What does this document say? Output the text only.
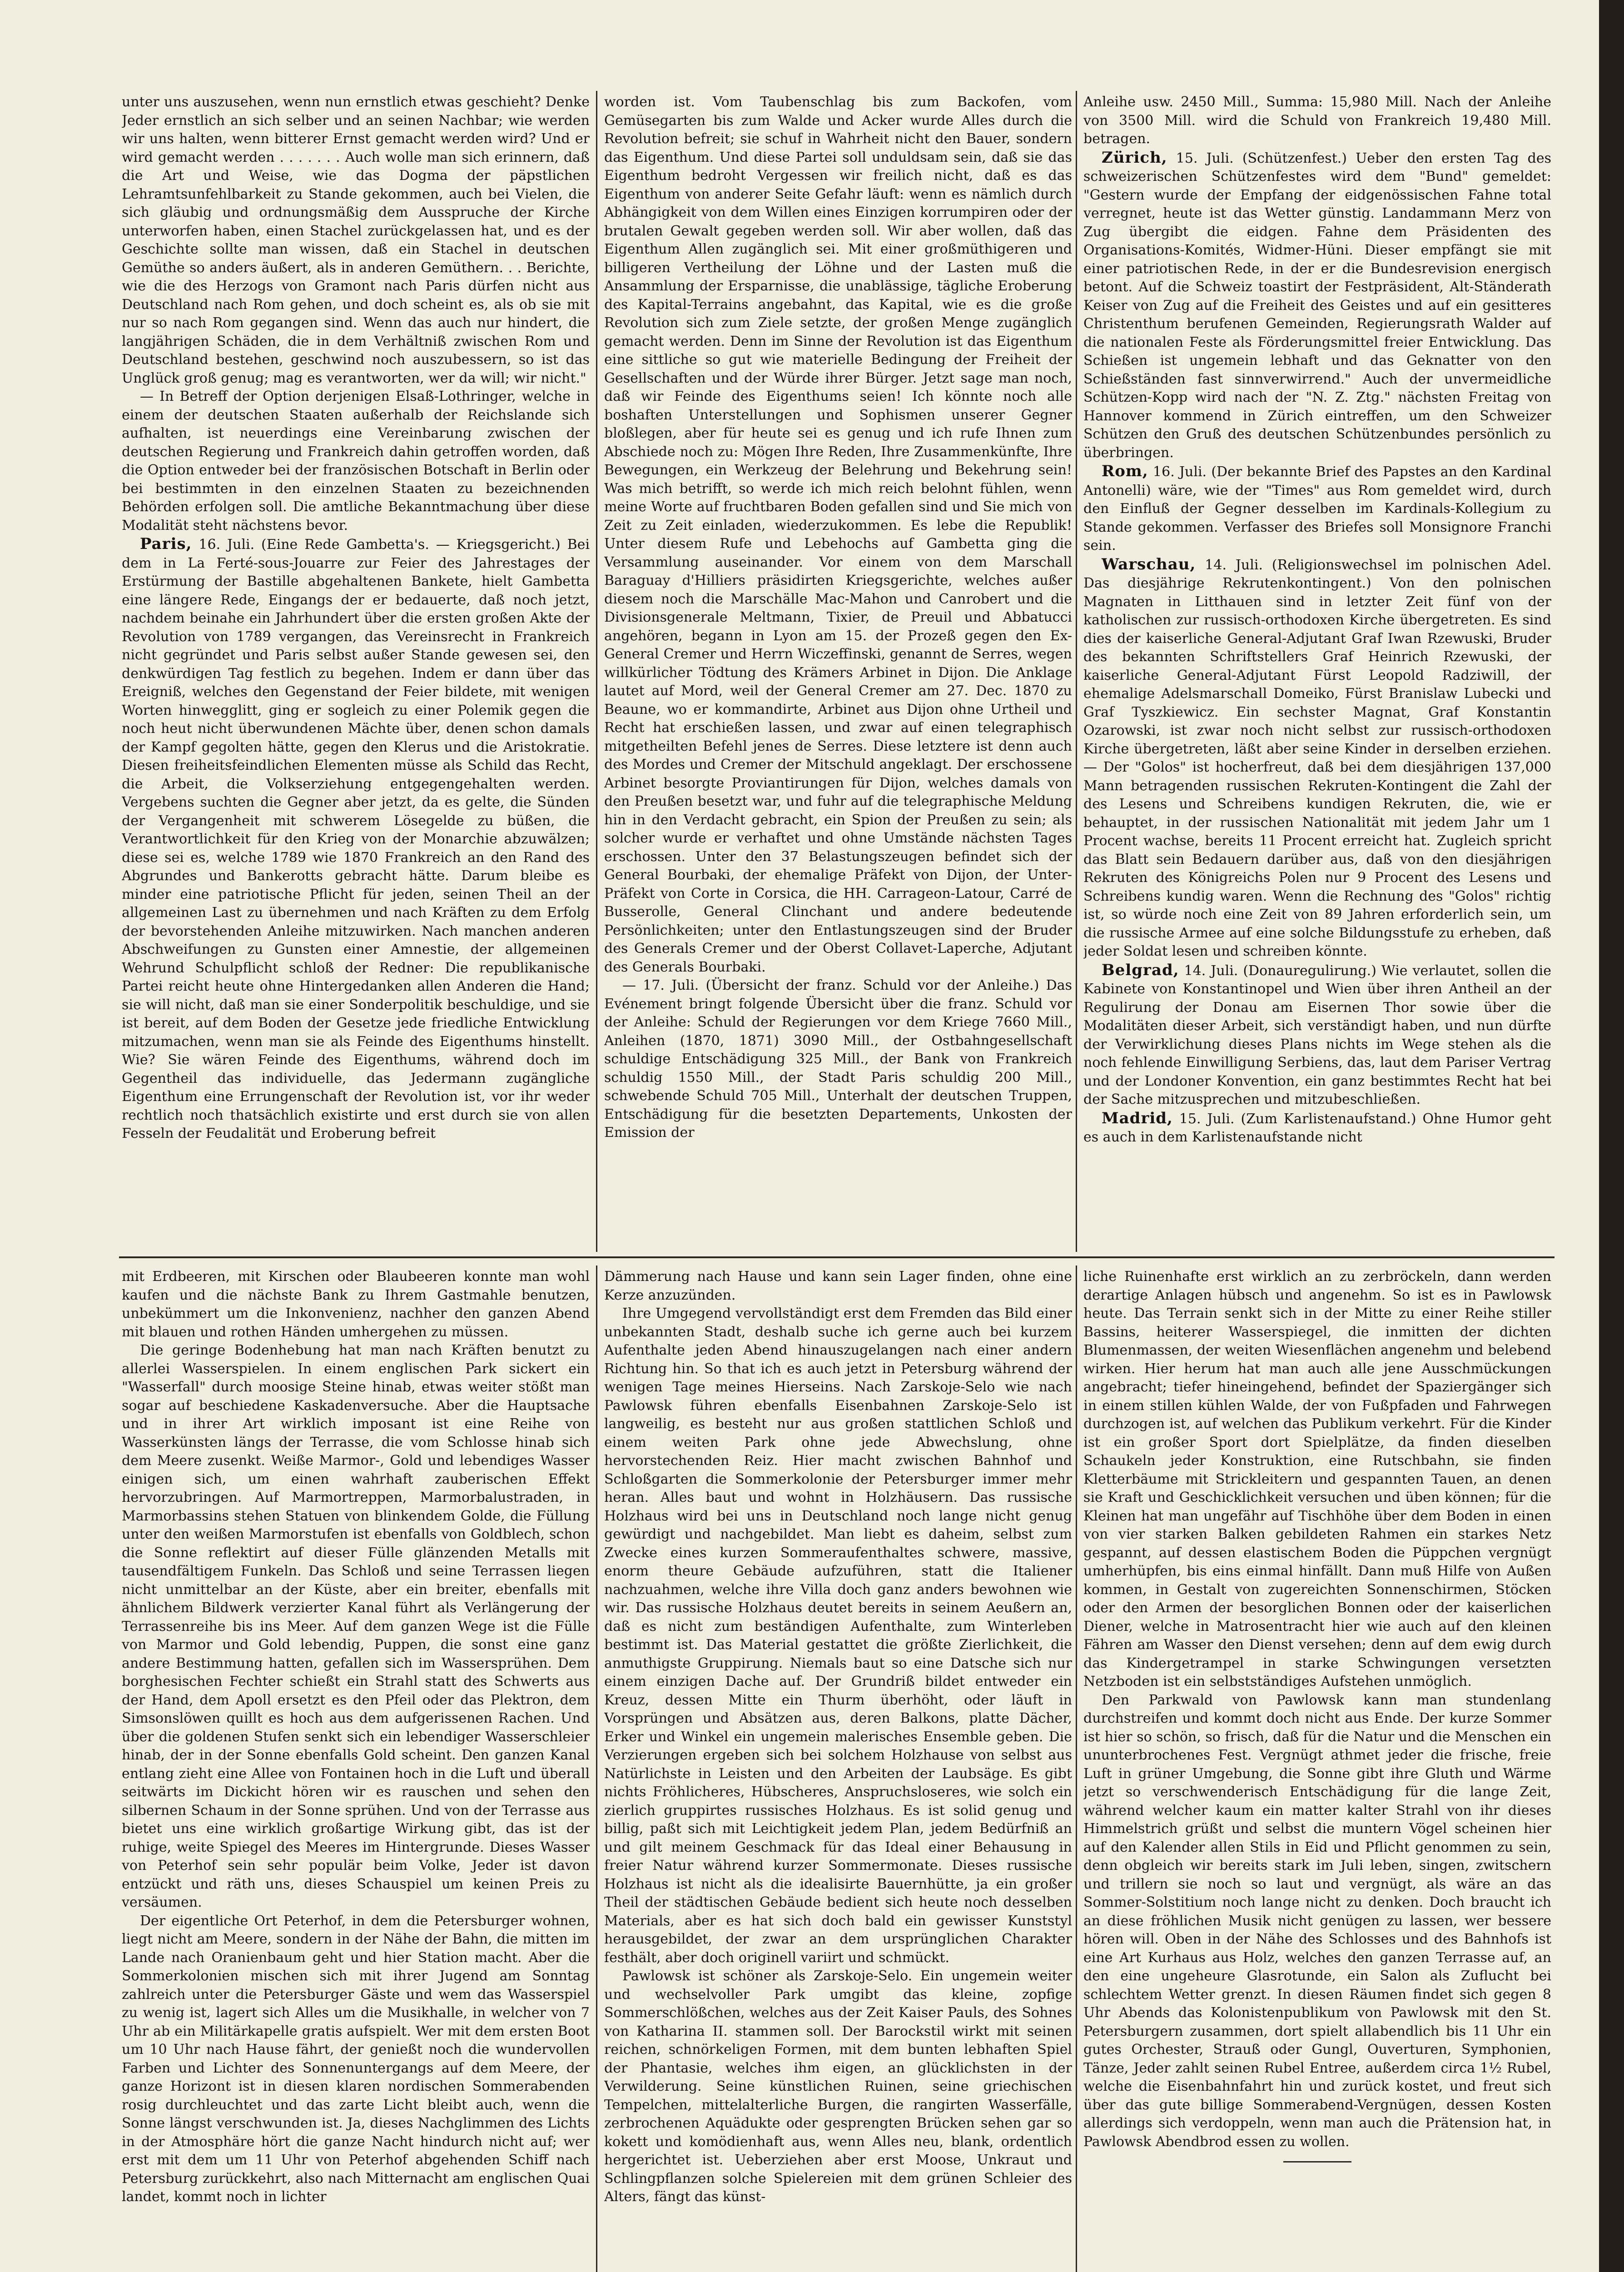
unter uns auszusehen, wenn nun ernstlich etwas geschieht? Denke Jeder ernstlich an sich selber und an seinen Nachbar; wie werden wir uns halten, wenn bitterer Ernst gemacht werden wird? Und er wird gemacht werden . . . . . . . Auch wolle man sich erinnern, daß die Art und Weise, wie das Dogma der päpstlichen Lehramtsunfehlbarkeit zu Stande gekommen, auch bei Vielen, die sich gläubig und ordnungsmäßig dem Ausspruche der Kirche unterworfen haben, einen Stachel zurückgelassen hat, und es der Geschichte sollte man wissen, daß ein Stachel in deutschen Gemüthe so anders äußert, als in anderen Gemüthern. . . Berichte, wie die des Herzogs von Gramont nach Paris dürfen nicht aus Deutschland nach Rom gehen, und doch scheint es, als ob sie mit nur so nach Rom gegangen sind. Wenn das auch nur hindert, die langjährigen Schäden, die in dem Verhältniß zwischen Rom und Deutschland bestehen, geschwind noch auszubessern, so ist das Unglück groß genug; mag es verantworten, wer da will; wir nicht."

— In Betreff der Option derjenigen Elsaß-Lothringer, welche in einem der deutschen Staaten außerhalb der Reichslande sich aufhalten, ist neuerdings eine Vereinbarung zwischen der deutschen Regierung und Frankreich dahin getroffen worden, daß die Option entweder bei der französischen Botschaft in Berlin oder bei bestimmten in den einzelnen Staaten zu bezeichnenden Behörden erfolgen soll. Die amtliche Bekanntmachung über diese Modalität steht nächstens bevor.

Paris, 16. Juli. (Eine Rede Gambetta's. — Kriegsgericht.) Bei dem in La Ferté-sous-Jouarre zur Feier des Jahrestages der Erstürmung der Bastille abgehaltenen Bankete, hielt Gambetta eine längere Rede, Eingangs der er bedauerte, daß noch jetzt, nachdem beinahe ein Jahrhundert über die ersten großen Akte der Revolution von 1789 vergangen, das Vereinsrecht in Frankreich nicht gegründet und Paris selbst außer Stande gewesen sei, den denkwürdigen Tag festlich zu begehen. Indem er dann über das Ereigniß, welches den Gegenstand der Feier bildete, mit wenigen Worten hinwegglitt, ging er sogleich zu einer Polemik gegen die noch heut nicht überwundenen Mächte über, denen schon damals der Kampf gegolten hätte, gegen den Klerus und die Aristokratie. Diesen freiheitsfeindlichen Elementen müsse als Schild das Recht, die Arbeit, die Volkserziehung entgegengehalten werden. Vergebens suchten die Gegner aber jetzt, da es gelte, die Sünden der Vergangenheit mit schwerem Lösegelde zu büßen, die Verantwortlichkeit für den Krieg von der Monarchie abzuwälzen; diese sei es, welche 1789 wie 1870 Frankreich an den Rand des Abgrundes und Bankerotts gebracht hätte. Darum bleibe es minder eine patriotische Pflicht für jeden, seinen Theil an der allgemeinen Last zu übernehmen und nach Kräften zu dem Erfolg der bevorstehenden Anleihe mitzuwirken. Nach manchen anderen Abschweifungen zu Gunsten einer Amnestie, der allgemeinen Wehrund Schulpflicht schloß der Redner: Die republikanische Partei reicht heute ohne Hintergedanken allen Anderen die Hand; sie will nicht, daß man sie einer Sonderpolitik beschuldige, und sie ist bereit, auf dem Boden der Gesetze jede friedliche Entwicklung mitzumachen, wenn man sie als Feinde des Eigenthums hinstellt. Wie? Sie wären Feinde des Eigenthums, während doch im Gegentheil das individuelle, das Jedermann zugängliche Eigenthum eine Errungenschaft der Revolution ist, vor ihr weder rechtlich noch thatsächlich existirte und erst durch sie von allen Fesseln der Feudalität und Eroberung befreit

worden ist. Vom Taubenschlag bis zum Backofen, vom Gemüsegarten bis zum Walde und Acker wurde Alles durch die Revolution befreit; sie schuf in Wahrheit nicht den Bauer, sondern das Eigenthum. Und diese Partei soll unduldsam sein, daß sie das Eigenthum bedroht Vergessen wir freilich nicht, daß es das Eigenthum von anderer Seite Gefahr läuft: wenn es nämlich durch Abhängigkeit von dem Willen eines Einzigen korrumpiren oder der brutalen Gewalt gegeben werden soll. Wir aber wollen, daß das Eigenthum Allen zugänglich sei. Mit einer großmüthigeren und billigeren Vertheilung der Löhne und der Lasten muß die Ansammlung der Ersparnisse, die unablässige, tägliche Eroberung des Kapital-Terrains angebahnt, das Kapital, wie es die große Revolution sich zum Ziele setzte, der großen Menge zugänglich gemacht werden. Denn im Sinne der Revolution ist das Eigenthum eine sittliche so gut wie materielle Bedingung der Freiheit der Gesellschaften und der Würde ihrer Bürger. Jetzt sage man noch, daß wir Feinde des Eigenthums seien! Ich könnte noch alle boshaften Unterstellungen und Sophismen unserer Gegner bloßlegen, aber für heute sei es genug und ich rufe Ihnen zum Abschiede noch zu: Mögen Ihre Reden, Ihre Zusammenkünfte, Ihre Bewegungen, ein Werkzeug der Belehrung und Bekehrung sein! Was mich betrifft, so werde ich mich reich belohnt fühlen, wenn meine Worte auf fruchtbaren Boden gefallen sind und Sie mich von Zeit zu Zeit einladen, wiederzukommen. Es lebe die Republik! Unter diesem Rufe und Lebehochs auf Gambetta ging die Versammlung auseinander. Vor einem von dem Marschall Baraguay d'Hilliers präsidirten Kriegsgerichte, welches außer diesem noch die Marschälle Mac-Mahon und Canrobert und die Divisionsgenerale Meltmann, Tixier, de Preuil und Abbatucci angehören, begann in Lyon am 15. der Prozeß gegen den Ex-General Cremer und Herrn Wiczeffinski, genannt de Serres, wegen willkürlicher Tödtung des Krämers Arbinet in Dijon. Die Anklage lautet auf Mord, weil der General Cremer am 27. Dec. 1870 zu Beaune, wo er kommandirte, Arbinet aus Dijon ohne Urtheil und Recht hat erschießen lassen, und zwar auf einen telegraphisch mitgetheilten Befehl jenes de Serres. Diese letztere ist denn auch des Mordes und Cremer der Mitschuld angeklagt. Der erschossene Arbinet besorgte Proviantirungen für Dijon, welches damals von den Preußen besetzt war, und fuhr auf die telegraphische Meldung hin in den Verdacht gebracht, ein Spion der Preußen zu sein; als solcher wurde er verhaftet und ohne Umstände nächsten Tages erschossen. Unter den 37 Belastungszeugen befindet sich der General Bourbaki, der ehemalige Präfekt von Dijon, der Unter-Präfekt von Corte in Corsica, die HH. Carrageon-Latour, Carré de Busserolle, General Clinchant und andere bedeutende Persönlichkeiten; unter den Entlastungszeugen sind der Bruder des Generals Cremer und der Oberst Collavet-Laperche, Adjutant des Generals Bourbaki.

— 17. Juli. (Übersicht der franz. Schuld vor der Anleihe.) Das Evénement bringt folgende Übersicht über die franz. Schuld vor der Anleihe: Schuld der Regierungen vor dem Kriege 7660 Mill., Anleihen (1870, 1871) 3090 Mill., der Ostbahngesellschaft schuldige Entschädigung 325 Mill., der Bank von Frankreich schuldig 1550 Mill., der Stadt Paris schuldig 200 Mill., schwebende Schuld 705 Mill., Unterhalt der deutschen Truppen, Entschädigung für die besetzten Departements, Unkosten der Emission der

Anleihe usw. 2450 Mill., Summa: 15,980 Mill. Nach der Anleihe von 3500 Mill. wird die Schuld von Frankreich 19,480 Mill. betragen.

Zürich, 15. Juli. (Schützenfest.) Ueber den ersten Tag des schweizerischen Schützenfestes wird dem "Bund" gemeldet: "Gestern wurde der Empfang der eidgenössischen Fahne total verregnet, heute ist das Wetter günstig. Landammann Merz von Zug übergibt die eidgen. Fahne dem Präsidenten des Organisations-Komités, Widmer-Hüni. Dieser empfängt sie mit einer patriotischen Rede, in der er die Bundesrevision energisch betont. Auf die Schweiz toastirt der Festpräsident, Alt-Ständerath Keiser von Zug auf die Freiheit des Geistes und auf ein gesitteres Christenthum berufenen Gemeinden, Regierungsrath Walder auf die nationalen Feste als Förderungsmittel freier Entwicklung. Das Schießen ist ungemein lebhaft und das Geknatter von den Schießständen fast sinnverwirrend." Auch der unvermeidliche Schützen-Kopp wird nach der "N. Z. Ztg." nächsten Freitag von Hannover kommend in Zürich eintreffen, um den Schweizer Schützen den Gruß des deutschen Schützenbundes persönlich zu überbringen.

Rom, 16. Juli. (Der bekannte Brief des Papstes an den Kardinal Antonelli) wäre, wie der "Times" aus Rom gemeldet wird, durch den Einfluß der Gegner desselben im Kardinals-Kollegium zu Stande gekommen. Verfasser des Briefes soll Monsignore Franchi sein.

Warschau, 14. Juli. (Religionswechsel im polnischen Adel. Das diesjährige Rekrutenkontingent.) Von den polnischen Magnaten in Litthauen sind in letzter Zeit fünf von der katholischen zur russisch-orthodoxen Kirche übergetreten. Es sind dies der kaiserliche General-Adjutant Graf Iwan Rzewuski, Bruder des bekannten Schriftstellers Graf Heinrich Rzewuski, der kaiserliche General-Adjutant Fürst Leopold Radziwill, der ehemalige Adelsmarschall Domeiko, Fürst Branislaw Lubecki und Graf Tyszkiewicz. Ein sechster Magnat, Graf Konstantin Ozarowski, ist zwar noch nicht selbst zur russisch-orthodoxen Kirche übergetreten, läßt aber seine Kinder in derselben erziehen. — Der "Golos" ist hocherfreut, daß bei dem diesjährigen 137,000 Mann betragenden russischen Rekruten-Kontingent die Zahl der des Lesens und Schreibens kundigen Rekruten, die, wie er behauptet, in der russischen Nationalität mit jedem Jahr um 1 Procent wachse, bereits 11 Procent erreicht hat. Zugleich spricht das Blatt sein Bedauern darüber aus, daß von den diesjährigen Rekruten des Königreichs Polen nur 9 Procent des Lesens und Schreibens kundig waren. Wenn die Rechnung des "Golos" richtig ist, so würde noch eine Zeit von 89 Jahren erforderlich sein, um die russische Armee auf eine solche Bildungsstufe zu erheben, daß jeder Soldat lesen und schreiben könnte.

Belgrad, 14. Juli. (Donauregulirung.) Wie verlautet, sollen die Kabinete von Konstantinopel und Wien über ihren Antheil an der Regulirung der Donau am Eisernen Thor sowie über die Modalitäten dieser Arbeit, sich verständigt haben, und nun dürfte der Verwirklichung dieses Plans nichts im Wege stehen als die noch fehlende Einwilligung Serbiens, das, laut dem Pariser Vertrag und der Londoner Konvention, ein ganz bestimmtes Recht hat bei der Sache mitzusprechen und mitzubeschließen.

Madrid, 15. Juli. (Zum Karlistenaufstand.) Ohne Humor geht es auch in dem Karlistenaufstande nicht

mit Erdbeeren, mit Kirschen oder Blaubeeren konnte man wohl kaufen und die nächste Bank zu Ihrem Gastmahle benutzen, unbekümmert um die Inkonvenienz, nachher den ganzen Abend mit blauen und rothen Händen umhergehen zu müssen.

Die geringe Bodenhebung hat man nach Kräften benutzt zu allerlei Wasserspielen. In einem englischen Park sickert ein "Wasserfall" durch moosige Steine hinab, etwas weiter stößt man sogar auf beschiedene Kaskadenversuche. Aber die Hauptsache und in ihrer Art wirklich imposant ist eine Reihe von Wasserkünsten längs der Terrasse, die vom Schlosse hinab sich dem Meere zusenkt. Weiße Marmor-, Gold und lebendiges Wasser einigen sich, um einen wahrhaft zauberischen Effekt hervorzubringen. Auf Marmortreppen, Marmorbalustraden, in Marmorbassins stehen Statuen von blinkendem Golde, die Füllung unter den weißen Marmorstufen ist ebenfalls von Goldblech, schon die Sonne reflektirt auf dieser Fülle glänzenden Metalls mit tausendfältigem Funkeln. Das Schloß und seine Terrassen liegen nicht unmittelbar an der Küste, aber ein breiter, ebenfalls mit ähnlichem Bildwerk verzierter Kanal führt als Verlängerung der Terrassenreihe bis ins Meer. Auf dem ganzen Wege ist die Fülle von Marmor und Gold lebendig, Puppen, die sonst eine ganz andere Bestimmung hatten, gefallen sich im Wassersprühen. Dem borghesischen Fechter schießt ein Strahl statt des Schwerts aus der Hand, dem Apoll ersetzt es den Pfeil oder das Plektron, dem Simsonslöwen quillt es hoch aus dem aufgerissenen Rachen. Und über die goldenen Stufen senkt sich ein lebendiger Wasserschleier hinab, der in der Sonne ebenfalls Gold scheint. Den ganzen Kanal entlang zieht eine Allee von Fontainen hoch in die Luft und überall seitwärts im Dickicht hören wir es rauschen und sehen den silbernen Schaum in der Sonne sprühen. Und von der Terrasse aus bietet uns eine wirklich großartige Wirkung gibt, das ist der ruhige, weite Spiegel des Meeres im Hintergrunde. Dieses Wasser von Peterhof sein sehr populär beim Volke, Jeder ist davon entzückt und räth uns, dieses Schauspiel um keinen Preis zu versäumen.

Der eigentliche Ort Peterhof, in dem die Petersburger wohnen, liegt nicht am Meere, sondern in der Nähe der Bahn, die mitten im Lande nach Oranienbaum geht und hier Station macht. Aber die Sommerkolonien mischen sich mit ihrer Jugend am Sonntag zahlreich unter die Petersburger Gäste und wem das Wasserspiel zu wenig ist, lagert sich Alles um die Musikhalle, in welcher von 7 Uhr ab ein Militärkapelle gratis aufspielt. Wer mit dem ersten Boot um 10 Uhr nach Hause fährt, der genießt noch die wundervollen Farben und Lichter des Sonnenuntergangs auf dem Meere, der ganze Horizont ist in diesen klaren nordischen Sommerabenden rosig durchleuchtet und das zarte Licht bleibt auch, wenn die Sonne längst verschwunden ist. Ja, dieses Nachglimmen des Lichts in der Atmosphäre hört die ganze Nacht hindurch nicht auf; wer erst mit dem um 11 Uhr von Peterhof abgehenden Schiff nach Petersburg zurückkehrt, also nach Mitternacht am englischen Quai landet, kommt noch in lichter

Dämmerung nach Hause und kann sein Lager finden, ohne eine Kerze anzuzünden.

Ihre Umgegend vervollständigt erst dem Fremden das Bild einer unbekannten Stadt, deshalb suche ich gerne auch bei kurzem Aufenthalte jeden Abend hinauszugelangen nach einer andern Richtung hin. So that ich es auch jetzt in Petersburg während der wenigen Tage meines Hierseins. Nach Zarskoje-Selo wie nach Pawlowsk führen ebenfalls Eisenbahnen Zarskoje-Selo ist langweilig, es besteht nur aus großen stattlichen Schloß und einem weiten Park ohne jede Abwechslung, ohne hervorstechenden Reiz. Hier macht zwischen Bahnhof und Schloßgarten die Sommerkolonie der Petersburger immer mehr heran. Alles baut und wohnt in Holzhäusern. Das russische Holzhaus wird bei uns in Deutschland noch lange nicht genug gewürdigt und nachgebildet. Man liebt es daheim, selbst zum Zwecke eines kurzen Sommeraufenthaltes schwere, massive, enorm theure Gebäude aufzuführen, statt die Italiener nachzuahmen, welche ihre Villa doch ganz anders bewohnen wie wir. Das russische Holzhaus deutet bereits in seinem Aeußern an, daß es nicht zum beständigen Aufenthalte, zum Winterleben bestimmt ist. Das Material gestattet die größte Zierlichkeit, die anmuthigste Gruppirung. Niemals baut so eine Datsche sich nur einem einzigen Dache auf. Der Grundriß bildet entweder ein Kreuz, dessen Mitte ein Thurm überhöht, oder läuft in Vorsprüngen und Absätzen aus, deren Balkons, platte Dächer, Erker und Winkel ein ungemein malerisches Ensemble geben. Die Verzierungen ergeben sich bei solchem Holzhause von selbst aus Natürlichste in Leisten und den Arbeiten der Laubsäge. Es gibt nichts Fröhlicheres, Hübscheres, Anspruchsloseres, wie solch ein zierlich gruppirtes russisches Holzhaus. Es ist solid genug und billig, paßt sich mit Leichtigkeit jedem Plan, jedem Bedürfniß an und gilt meinem Geschmack für das Ideal einer Behausung in freier Natur während kurzer Sommermonate. Dieses russische Holzhaus ist nicht als die idealisirte Bauernhütte, ja ein großer Theil der städtischen Gebäude bedient sich heute noch desselben Materials, aber es hat sich doch bald ein gewisser Kunststyl herausgebildet, der zwar an dem ursprünglichen Charakter festhält, aber doch originell variirt und schmückt.

Pawlowsk ist schöner als Zarskoje-Selo. Ein ungemein weiter und wechselvoller Park umgibt das kleine, zopfige Sommerschlößchen, welches aus der Zeit Kaiser Pauls, des Sohnes von Katharina II. stammen soll. Der Barockstil wirkt mit seinen reichen, schnörkeligen Formen, mit dem bunten lebhaften Spiel der Phantasie, welches ihm eigen, an glücklichsten in der Verwilderung. Seine künstlichen Ruinen, seine griechischen Tempelchen, mittelalterliche Burgen, die rangirten Wasserfälle, zerbrochenen Aquädukte oder gesprengten Brücken sehen gar so kokett und komödienhaft aus, wenn Alles neu, blank, ordentlich hergerichtet ist. Ueberziehen aber erst Moose, Unkraut und Schlingpflanzen solche Spielereien mit dem grünen Schleier des Alters, fängt das künst-

liche Ruinenhafte erst wirklich an zu zerbröckeln, dann werden derartige Anlagen hübsch und angenehm. So ist es in Pawlowsk heute. Das Terrain senkt sich in der Mitte zu einer Reihe stiller Bassins, heiterer Wasserspiegel, die inmitten der dichten Blumenmassen, der weiten Wiesenflächen angenehm und belebend wirken. Hier herum hat man auch alle jene Ausschmückungen angebracht; tiefer hineingehend, befindet der Spaziergänger sich in einem stillen kühlen Walde, der von Fußpfaden und Fahrwegen durchzogen ist, auf welchen das Publikum verkehrt. Für die Kinder ist ein großer Sport dort Spielplätze, da finden dieselben Schaukeln jeder Konstruktion, eine Rutschbahn, sie finden Kletterbäume mit Strickleitern und gespannten Tauen, an denen sie Kraft und Geschicklichkeit versuchen und üben können; für die Kleinen hat man ungefähr auf Tischhöhe über dem Boden in einen von vier starken Balken gebildeten Rahmen ein starkes Netz gespannt, auf dessen elastischem Boden die Püppchen vergnügt umherhüpfen, bis eins einmal hinfällt. Dann muß Hilfe von Außen kommen, in Gestalt von zugereichten Sonnenschirmen, Stöcken oder den Armen der besorglichen Bonnen oder der kaiserlichen Diener, welche in Matrosentracht hier wie auch auf den kleinen Fähren am Wasser den Dienst versehen; denn auf dem ewig durch das Kindergetrampel in starke Schwingungen versetzten Netzboden ist ein selbstständiges Aufstehen unmöglich.

Den Parkwald von Pawlowsk kann man stundenlang durchstreifen und kommt doch nicht aus Ende. Der kurze Sommer ist hier so schön, so frisch, daß für die Natur und die Menschen ein ununterbrochenes Fest. Vergnügt athmet jeder die frische, freie Luft in grüner Umgebung, die Sonne gibt ihre Gluth und Wärme jetzt so verschwenderisch Entschädigung für die lange Zeit, während welcher kaum ein matter kalter Strahl von ihr dieses Himmelstrich grüßt und selbst die muntern Vögel scheinen hier auf den Kalender allen Stils in Eid und Pflicht genommen zu sein, denn obgleich wir bereits stark im Juli leben, singen, zwitschern und trillern sie noch so laut und vergnügt, als wäre an das Sommer-Solstitium noch lange nicht zu denken. Doch braucht ich an diese fröhlichen Musik nicht genügen zu lassen, wer bessere hören will. Oben in der Nähe des Schlosses und des Bahnhofs ist eine Art Kurhaus aus Holz, welches den ganzen Terrasse auf, an den eine ungeheure Glasrotunde, ein Salon als Zuflucht bei schlechtem Wetter grenzt. In diesen Räumen findet sich gegen 8 Uhr Abends das Kolonistenpublikum von Pawlowsk mit den St. Petersburgern zusammen, dort spielt allabendlich bis 11 Uhr ein gutes Orchester, Strauß oder Gungl, Ouverturen, Symphonien, Tänze, Jeder zahlt seinen Rubel Entree, außerdem circa 1½ Rubel, welche die Eisenbahnfahrt hin und zurück kostet, und freut sich über das gute billige Sommerabend-Vergnügen, dessen Kosten allerdings sich verdoppeln, wenn man auch die Prätension hat, in Pawlowsk Abendbrod essen zu wollen.
